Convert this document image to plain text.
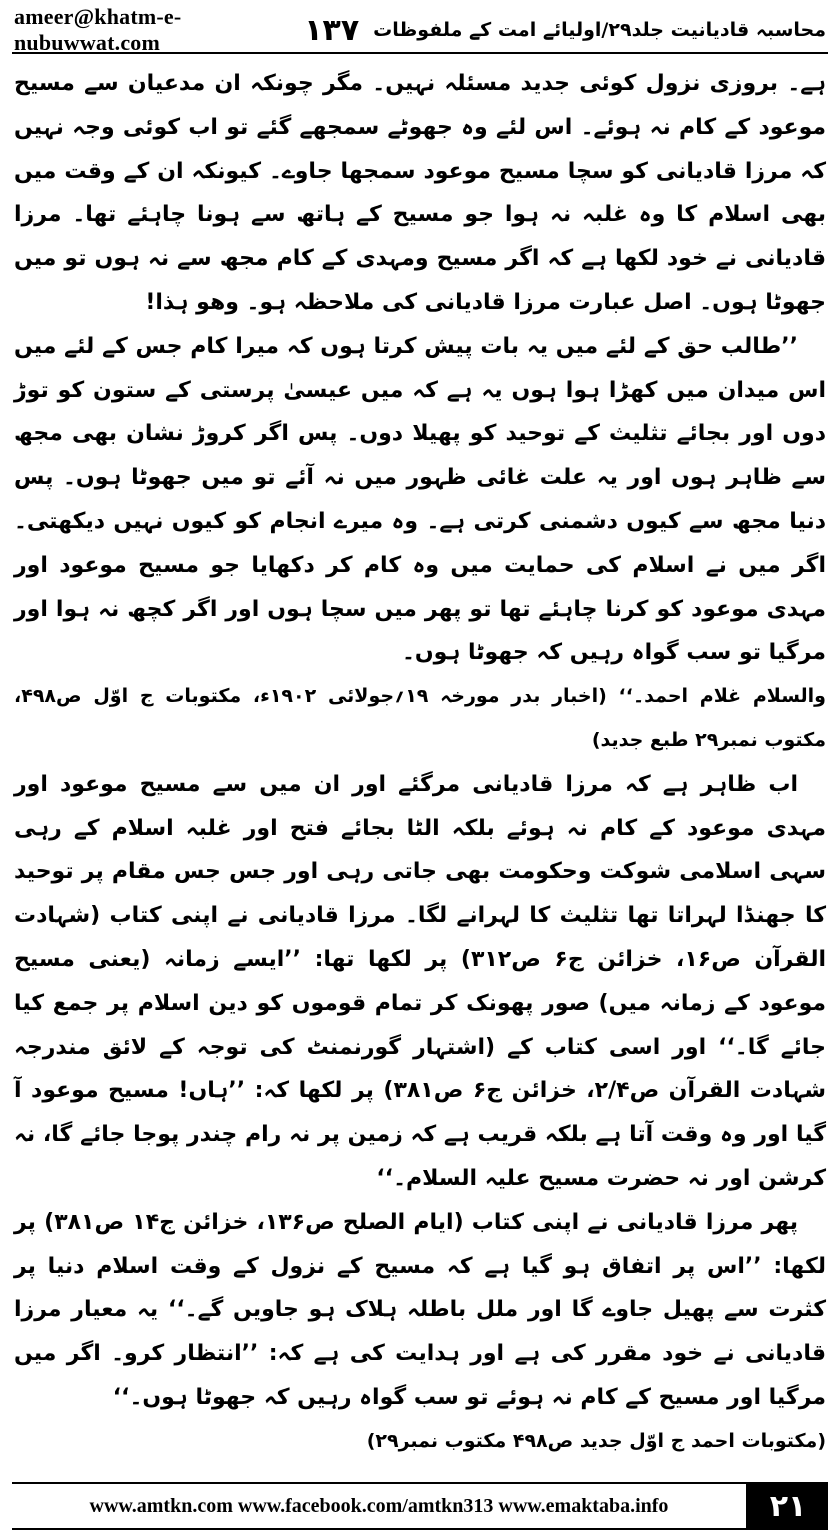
ameer@khatm-e-nubuwwat.com	محاسبہ قادیانیت جلد۲۹/اولیائے امت کے ملفوظات
۱۳۷

ہے۔ بروزی نزول کوئی جدید مسئلہ نہیں۔ مگر چونکہ ان مدعیان سے مسیح موعود کے کام نہ ہوئے۔ اس لئے وہ جھوٹے سمجھے گئے تو اب کوئی وجہ نہیں کہ مرزا قادیانی کو سچا مسیح موعود سمجھا جاوے۔ کیونکہ ان کے وقت میں بھی اسلام کا وہ غلبہ نہ ہوا جو مسیح کے ہاتھ سے ہونا چاہئے تھا۔ مرزا قادیانی نے خود لکھا ہے کہ اگر مسیح ومہدی کے کام مجھ سے نہ ہوں تو میں جھوٹا ہوں۔ اصل عبارت مرزا قادیانی کی ملاحظہ ہو۔ وھو ہذا!

’’طالب حق کے لئے میں یہ بات پیش کرتا ہوں کہ میرا کام جس کے لئے میں اس میدان میں کھڑا ہوا ہوں یہ ہے کہ میں عیسیٰ پرستی کے ستون کو توڑ دوں اور بجائے تثلیث کے توحید کو پھیلا دوں۔ پس اگر کروڑ نشان بھی مجھ سے ظاہر ہوں اور یہ علت غائی ظہور میں نہ آئے تو میں جھوٹا ہوں۔ پس دنیا مجھ سے کیوں دشمنی کرتی ہے۔ وہ میرے انجام کو کیوں نہیں دیکھتی۔ اگر میں نے اسلام کی حمایت میں وہ کام کر دکھایا جو مسیح موعود اور مہدی موعود کو کرنا چاہئے تھا تو پھر میں سچا ہوں اور اگر کچھ نہ ہوا اور مرگیا تو سب گواہ رہیں کہ جھوٹا ہوں۔

والسلام غلام احمد۔‘‘ (اخبار بدر مورخہ ۱۹؍جولائی ۱۹۰۲ء، مکتوبات ج اوّل ص۴۹۸، مکتوب نمبر۲۹ طبع جدید)

اب ظاہر ہے کہ مرزا قادیانی مرگئے اور ان میں سے مسیح موعود اور مہدی موعود کے کام نہ ہوئے بلکہ الٹا بجائے فتح اور غلبہ اسلام کے رہی سہی اسلامی شوکت وحکومت بھی جاتی رہی اور جس جس مقام پر توحید کا جھنڈا لہراتا تھا تثلیث کا لہرانے لگا۔ مرزا قادیانی نے اپنی کتاب (شہادت القرآن ص۱۶، خزائن ج۶ ص۳۱۲) پر لکھا تھا: ’’ایسے زمانہ (یعنی مسیح موعود کے زمانہ میں) صور پھونک کر تمام قوموں کو دین اسلام پر جمع کیا جائے گا۔‘‘ اور اسی کتاب کے (اشتہار گورنمنٹ کی توجہ کے لائق مندرجہ شہادت القرآن ص۲/۴، خزائن ج۶ ص۳۸۱) پر لکھا کہ: ’’ہاں! مسیح موعود آ گیا اور وہ وقت آتا ہے بلکہ قریب ہے کہ زمین پر نہ رام چندر پوجا جائے گا، نہ کرشن اور نہ حضرت مسیح علیہ السلام۔‘‘

پھر مرزا قادیانی نے اپنی کتاب (ایام الصلح ص۱۳۶، خزائن ج۱۴ ص۳۸۱) پر لکھا: ’’اس پر اتفاق ہو گیا ہے کہ مسیح کے نزول کے وقت اسلام دنیا پر کثرت سے پھیل جاوے گا اور ملل باطلہ ہلاک ہو جاویں گے۔‘‘ یہ معیار مرزا قادیانی نے خود مقرر کی ہے اور ہدایت کی ہے کہ: ’’انتظار کرو۔ اگر میں مرگیا اور مسیح کے کام نہ ہوئے تو سب گواہ رہیں کہ جھوٹا ہوں۔‘‘

(مکتوبات احمد ج اوّل جدید ص۴۹۸ مکتوب نمبر۲۹)

www.amtkn.com www.facebook.com/amtkn313 www.emaktaba.info	۲۱
